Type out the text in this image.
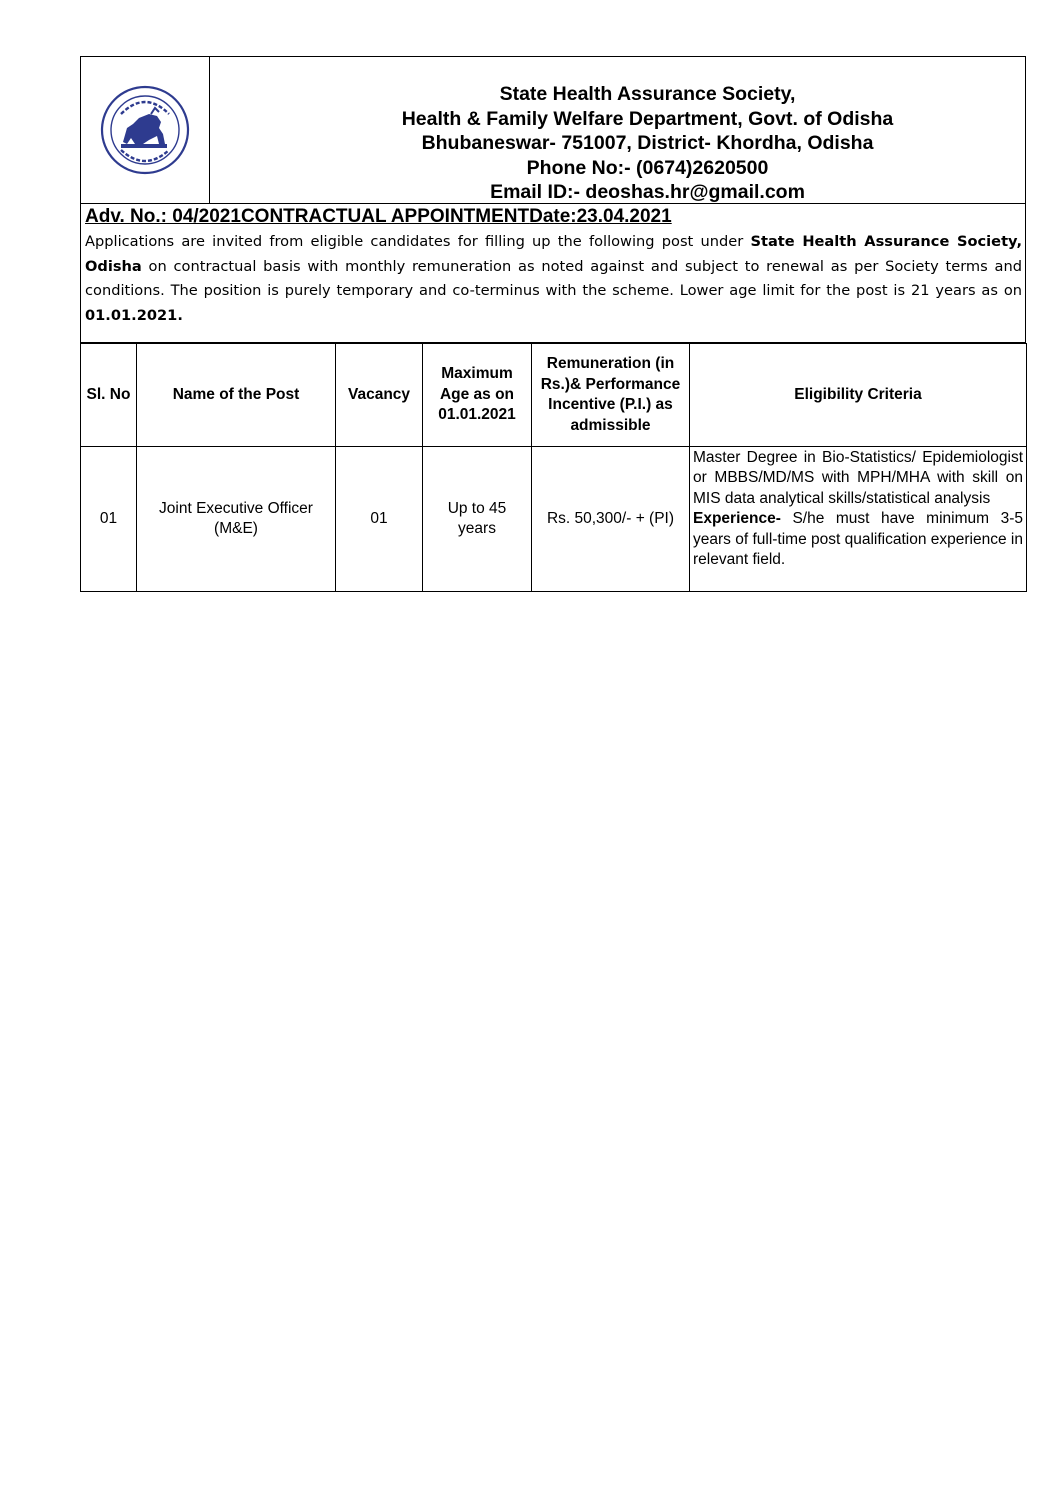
State Health Assurance Society,
Health & Family Welfare Department, Govt. of Odisha
Bhubaneswar- 751007, District- Khordha, Odisha
Phone No:- (0674)2620500
Email ID:- deoshas.hr@gmail.com
Adv. No.: 04/2021CONTRACTUAL APPOINTMENTDate:23.04.2021
Applications are invited from eligible candidates for filling up the following post under State Health Assurance Society, Odisha on contractual basis with monthly remuneration as noted against and subject to renewal as per Society terms and conditions. The position is purely temporary and co-terminus with the scheme. Lower age limit for the post is 21 years as on 01.01.2021.
Sl. No	Name of the Post	Vacancy	Maximum Age as on 01.01.2021	Remuneration (in Rs.)& Performance Incentive (P.I.) as admissible	Eligibility Criteria
01	Joint Executive Officer (M&E)	01	Up to 45 years	Rs. 50,300/- + (PI)	Master Degree in Bio-Statistics/ Epidemiologist or MBBS/MD/MS with MPH/MHA with skill on MIS data analytical skills/statistical analysis
Experience- S/he must have minimum 3-5 years of full-time post qualification experience in relevant field.
